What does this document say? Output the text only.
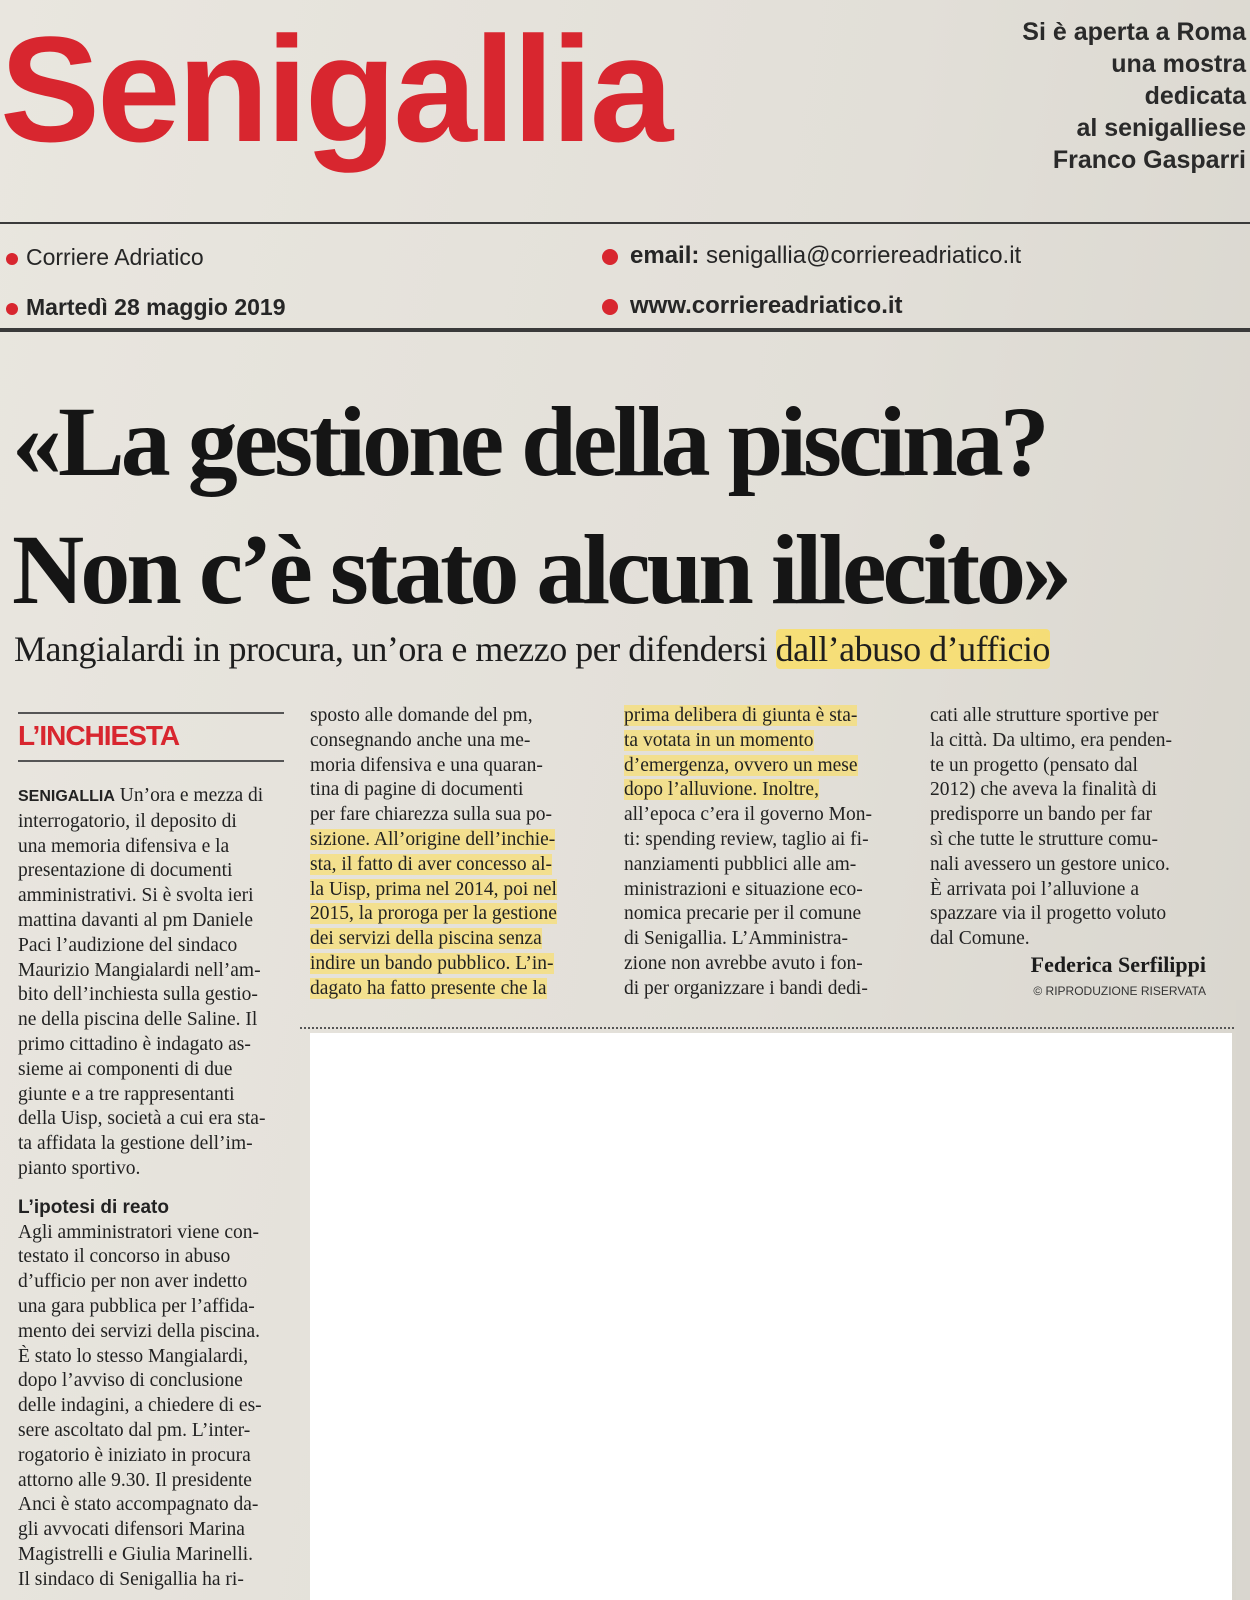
Senigallia	Si è aperta a Roma
una mostra
dedicata
al senigalliese
Franco Gasparri
Corriere Adriatico
Martedì 28 maggio 2019
email: senigallia@corriereadriatico.it
www.corriereadriatico.it
«La gestione della piscina?
Non c’è stato alcun illecito»
Mangialardi in procura, un’ora e mezzo per difendersi dall’abuso d’ufficio
L’INCHIESTA
SENIGALLIA Un’ora e mezza di
interrogatorio, il deposito di
una memoria difensiva e la
presentazione di documenti
amministrativi. Si è svolta ieri
mattina davanti al pm Daniele
Paci l’audizione del sindaco
Maurizio Mangialardi nell’am-
bito dell’inchiesta sulla gestio-
ne della piscina delle Saline. Il
primo cittadino è indagato as-
sieme ai componenti di due
giunte e a tre rappresentanti
della Uisp, società a cui era sta-
ta affidata la gestione dell’im-
pianto sportivo.
L’ipotesi di reato
Agli amministratori viene con-
testato il concorso in abuso
d’ufficio per non aver indetto
una gara pubblica per l’affida-
mento dei servizi della piscina.
È stato lo stesso Mangialardi,
dopo l’avviso di conclusione
delle indagini, a chiedere di es-
sere ascoltato dal pm. L’inter-
rogatorio è iniziato in procura
attorno alle 9.30. Il presidente
Anci è stato accompagnato da-
gli avvocati difensori Marina
Magistrelli e Giulia Marinelli.
Il sindaco di Senigallia ha ri-
sposto alle domande del pm,
consegnando anche una me-
moria difensiva e una quaran-
tina di pagine di documenti
per fare chiarezza sulla sua po-
sizione. All’origine dell’inchie-
sta, il fatto di aver concesso al-
la Uisp, prima nel 2014, poi nel
2015, la proroga per la gestione
dei servizi della piscina senza
indire un bando pubblico. L’in-
dagato ha fatto presente che la
prima delibera di giunta è sta-
ta votata in un momento
d’emergenza, ovvero un mese
dopo l’alluvione. Inoltre,
all’epoca c’era il governo Mon-
ti: spending review, taglio ai fi-
nanziamenti pubblici alle am-
ministrazioni e situazione eco-
nomica precarie per il comune
di Senigallia. L’Amministra-
zione non avrebbe avuto i fon-
di per organizzare i bandi dedi-
cati alle strutture sportive per
la città. Da ultimo, era penden-
te un progetto (pensato dal
2012) che aveva la finalità di
predisporre un bando per far
sì che tutte le strutture comu-
nali avessero un gestore unico.
È arrivata poi l’alluvione a
spazzare via il progetto voluto
dal Comune.
Federica Serfilippi
© RIPRODUZIONE RISERVATA
